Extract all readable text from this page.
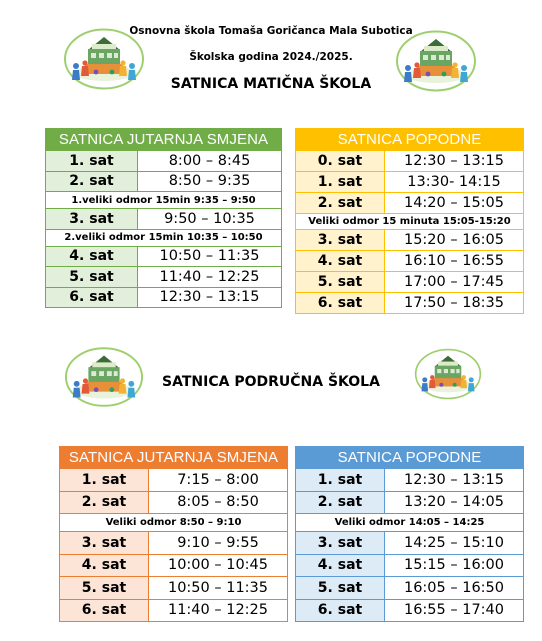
Osnovna škola Tomaša Goričanca Mala Subotica
Školska godina 2024./2025.
SATNICA MATIČNA ŠKOLA
SATNICA PODRUČNA ŠKOLA
SATNICA JUTARNJA SMJENA	
1. sat	8:00 – 8:45
2. sat	8:50 – 9:35
1.veliki odmor 15min 9:35 – 9:50	
3. sat	9:50 – 10:35
2.veliki odmor 15min 10:35 – 10:50	
4. sat	10:50 – 11:35
5. sat	11:40 – 12:25
6. sat	12:30 – 13:15
SATNICA POPODNE	
0. sat	12:30 – 13:15
1. sat	13:30- 14:15
2. sat	14:20 – 15:05
Veliki odmor 15 minuta 15:05-15:20	
3. sat	15:20 – 16:05
4. sat	16:10 – 16:55
5. sat	17:00 – 17:45
6. sat	17:50 – 18:35
SATNICA JUTARNJA SMJENA	
1. sat	7:15 – 8:00
2. sat	8:05 – 8:50
Veliki odmor 8:50 – 9:10	
3. sat	9:10 – 9:55
4. sat	10:00 – 10:45
5. sat	10:50 – 11:35
6. sat	11:40 – 12:25
SATNICA POPODNE	
1. sat	12:30 – 13:15
2. sat	13:20 – 14:05
Veliki odmor 14:05 – 14:25	
3. sat	14:25 – 15:10
4. sat	15:15 – 16:00
5. sat	16:05 – 16:50
6. sat	16:55 – 17:40
